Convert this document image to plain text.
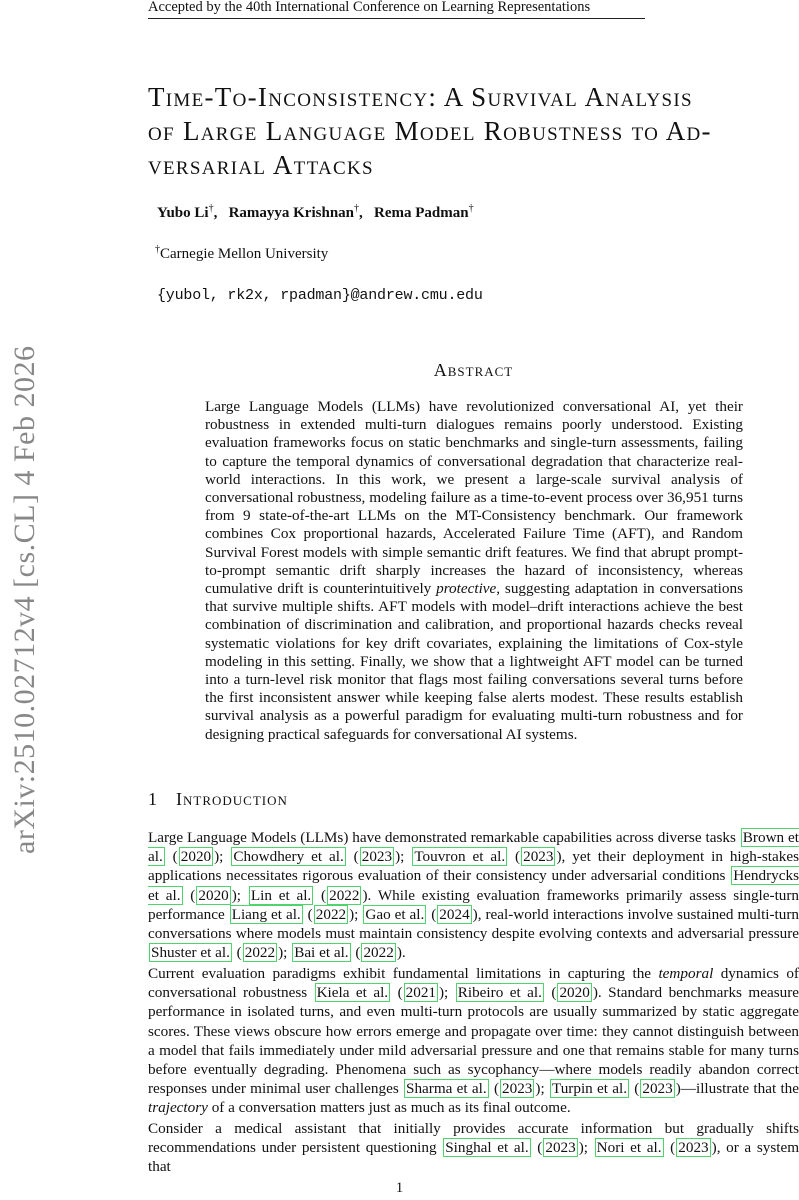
Accepted by the 40th International Conference on Learning Representations
arXiv:2510.02712v4 [cs.CL] 4 Feb 2026
Time-To-Inconsistency: A Survival Analysis
of Large Language Model Robustness to Ad-
versarial Attacks
Yubo Li†,   Ramayya Krishnan†,   Rema Padman†
†Carnegie Mellon University
{yubol, rk2x, rpadman}@andrew.cmu.edu
Abstract
Large Language Models (LLMs) have revolutionized conversational AI, yet their robustness in extended multi-turn dialogues remains poorly understood. Existing evaluation frameworks focus on static benchmarks and single-turn assessments, failing to capture the temporal dynamics of conversational degradation that characterize real-world interactions. In this work, we present a large-scale survival analysis of conversational robustness, modeling failure as a time-to-event process over 36,951 turns from 9 state-of-the-art LLMs on the MT-Consistency benchmark. Our framework combines Cox proportional hazards, Accelerated Failure Time (AFT), and Random Survival Forest models with simple semantic drift features. We find that abrupt prompt-to-prompt semantic drift sharply increases the hazard of inconsistency, whereas cumulative drift is counterintuitively protective, suggesting adaptation in conversations that survive multiple shifts. AFT models with model–drift interactions achieve the best combination of discrimination and calibration, and proportional hazards checks reveal systematic violations for key drift covariates, explaining the limitations of Cox-style modeling in this setting. Finally, we show that a lightweight AFT model can be turned into a turn-level risk monitor that flags most failing conversations several turns before the first inconsistent answer while keeping false alerts modest. These results establish survival analysis as a powerful paradigm for evaluating multi-turn robustness and for designing practical safeguards for conversational AI systems.
1 Introduction
Large Language Models (LLMs) have demonstrated remarkable capabilities across diverse tasks Brown et al. ( 2020 ); Chowdhery et al. ( 2023 ); Touvron et al. ( 2023 ), yet their deployment in high-stakes applications necessitates rigorous evaluation of their consistency under adversarial conditions Hendrycks et al. ( 2020 ); Lin et al. ( 2022 ). While existing evaluation frameworks primarily assess single-turn performance Liang et al. ( 2022 ); Gao et al. ( 2024 ), real-world interactions involve sustained multi-turn conversations where models must maintain consistency despite evolving contexts and adversarial pressure Shuster et al. ( 2022 ); Bai et al. ( 2022 ).
Current evaluation paradigms exhibit fundamental limitations in capturing the temporal dynamics of conversational robustness Kiela et al. ( 2021 ); Ribeiro et al. ( 2020 ). Standard benchmarks measure performance in isolated turns, and even multi-turn protocols are usually summarized by static aggregate scores. These views obscure how errors emerge and propagate over time: they cannot distinguish between a model that fails immediately under mild adversarial pressure and one that remains stable for many turns before eventually degrading. Phenomena such as sycophancy—where models readily abandon correct responses under minimal user challenges Sharma et al. ( 2023 ); Turpin et al. ( 2023 )—illustrate that the trajectory of a conversation matters just as much as its final outcome.
Consider a medical assistant that initially provides accurate information but gradually shifts recommendations under persistent questioning Singhal et al. ( 2023 ); Nori et al. ( 2023 ), or a system that
1
